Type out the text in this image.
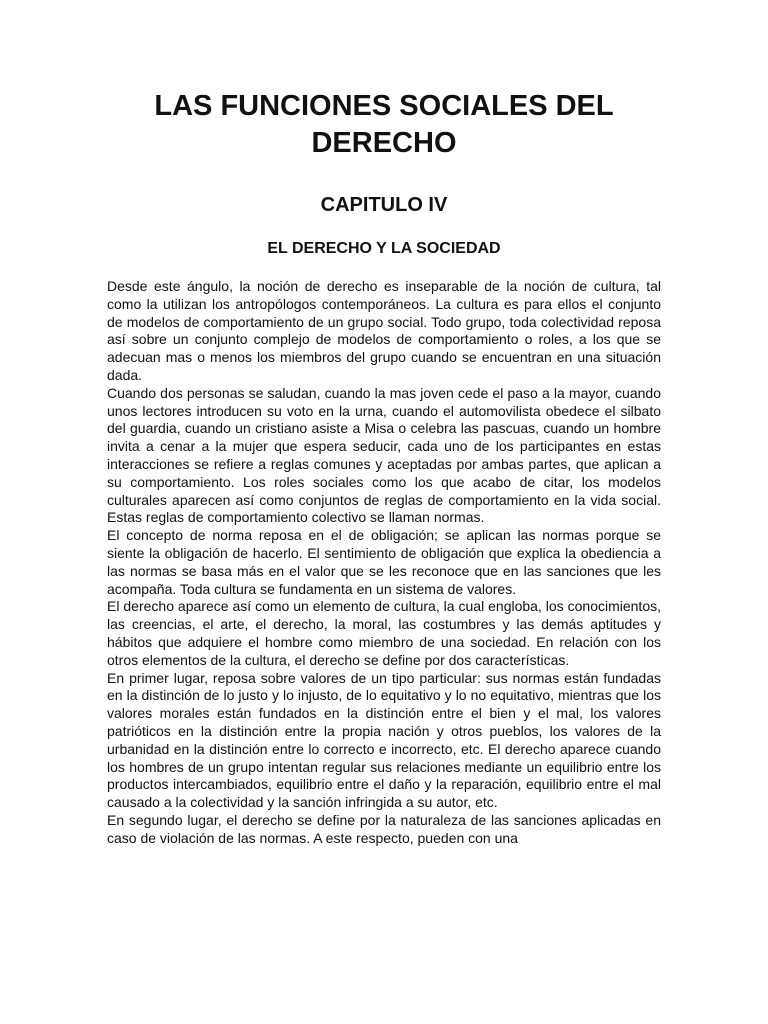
LAS FUNCIONES SOCIALES DEL DERECHO
CAPITULO IV
EL DERECHO Y LA SOCIEDAD

Desde este ángulo, la noción de derecho es inseparable de la noción de cultura, tal como la utilizan los antropólogos contemporáneos. La cultura es para ellos el conjunto de modelos de comportamiento de un grupo social. Todo grupo, toda colectividad reposa así sobre un conjunto complejo de modelos de comportamiento o roles, a los que se adecuan mas o menos los miembros del grupo cuando se encuentran en una situación dada.

Cuando dos personas se saludan, cuando la mas joven cede el paso a la mayor, cuando unos lectores introducen su voto en la urna, cuando el automovilista obedece el silbato del guardia, cuando un cristiano asiste a Misa o celebra las pascuas, cuando un hombre invita a cenar a la mujer que espera seducir, cada uno de los participantes en estas interacciones se refiere a reglas comunes y aceptadas por ambas partes, que aplican a su comportamiento. Los roles sociales como los que acabo de citar, los modelos culturales aparecen así como conjuntos de reglas de comportamiento en la vida social. Estas reglas de comportamiento colectivo se llaman normas.

El concepto de norma reposa en el de obligación; se aplican las normas porque se siente la obligación de hacerlo. El sentimiento de obligación que explica la obediencia a las normas se basa más en el valor que se les reconoce que en las sanciones que les acompaña. Toda cultura se fundamenta en un sistema de valores.

El derecho aparece así como un elemento de cultura, la cual engloba, los conocimientos, las creencias, el arte, el derecho, la moral, las costumbres y las demás aptitudes y hábitos que adquiere el hombre como miembro de una sociedad. En relación con los otros elementos de la cultura, el derecho se define por dos características.

En primer lugar, reposa sobre valores de un tipo particular: sus normas están fundadas en la distinción de lo justo y lo injusto, de lo equitativo y lo no equitativo, mientras que los valores morales están fundados en la distinción entre el bien y el mal, los valores patrióticos en la distinción entre la propia nación y otros pueblos, los valores de la urbanidad en la distinción entre lo correcto e incorrecto, etc. El derecho aparece cuando los hombres de un grupo intentan regular sus relaciones mediante un equilibrio entre los productos intercambiados, equilibrio entre el daño y la reparación, equilibrio entre el mal causado a la colectividad y la sanción infringida a su autor, etc.

En segundo lugar, el derecho se define por la naturaleza de las sanciones aplicadas en caso de violación de las normas. A este respecto, pueden con una
